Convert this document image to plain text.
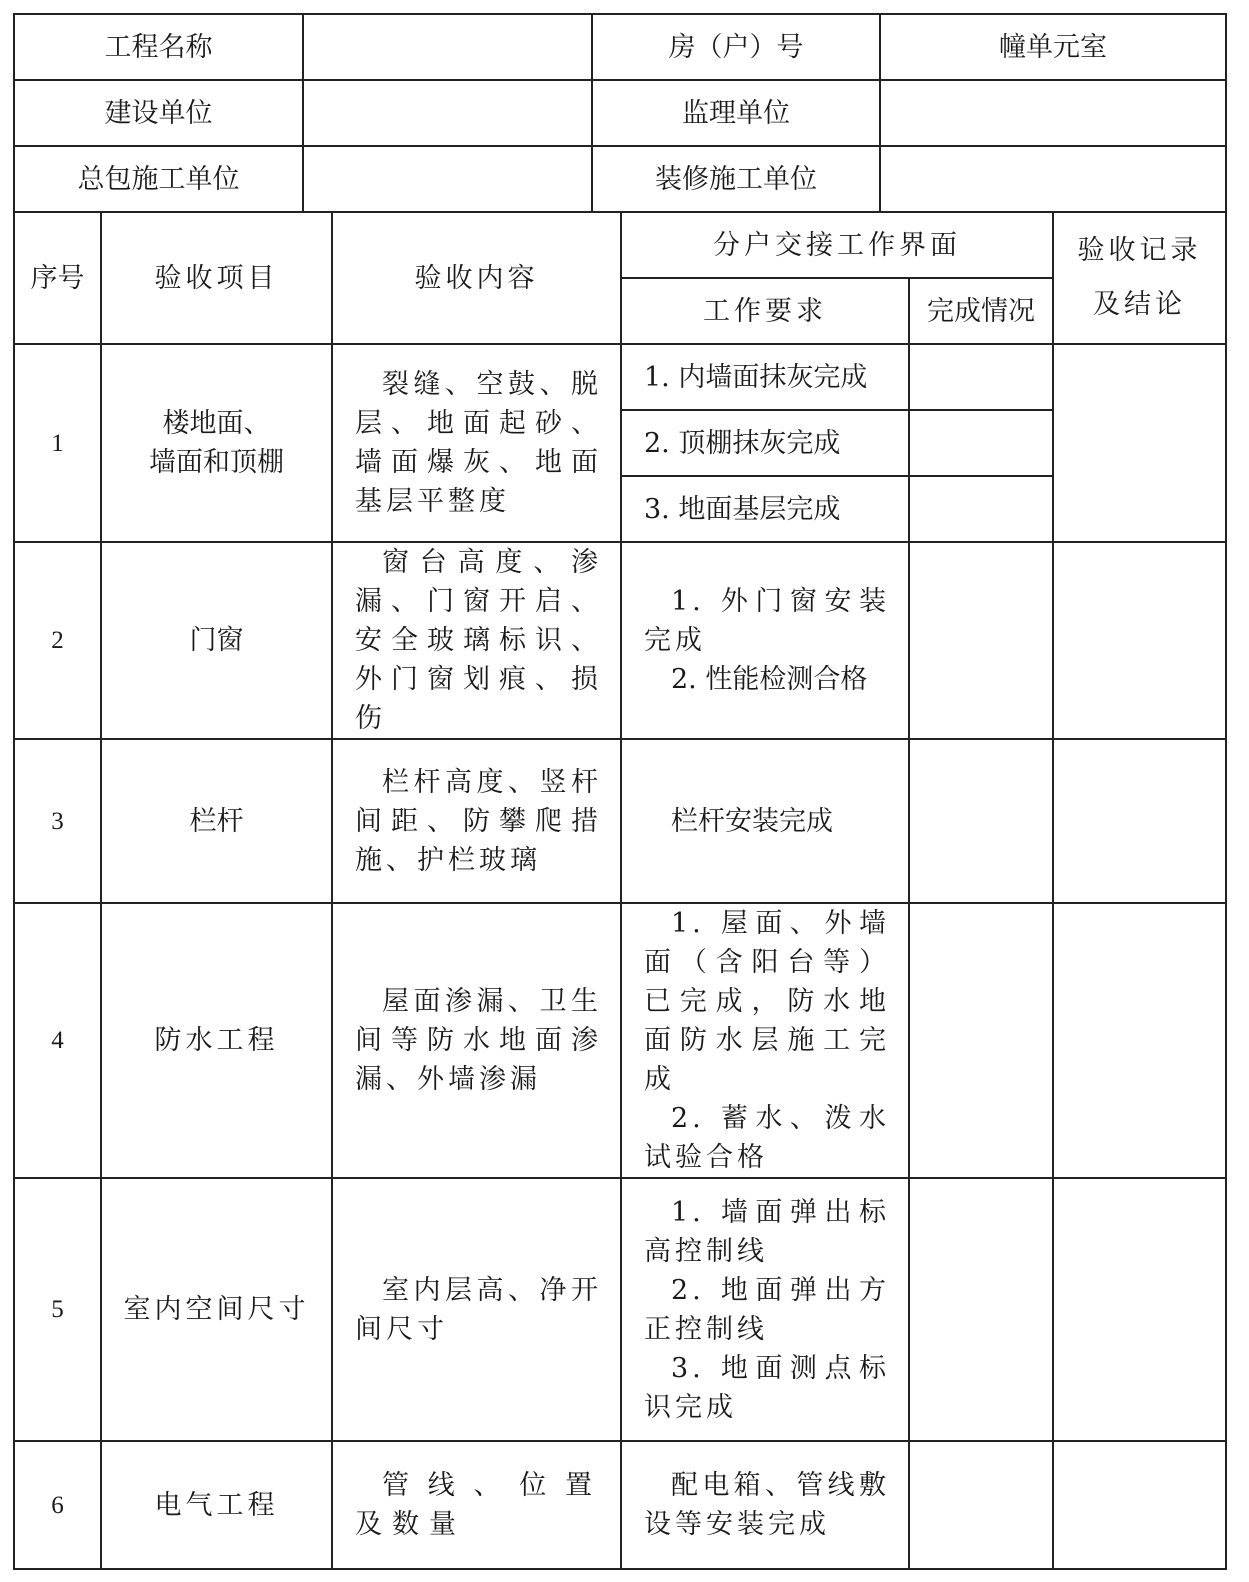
工程名称		房（户）号	幢单元室
建设单位		监理单位	
总包施工单位		装修施工单位	
序号	验收项目	验收内容	分户交接工作界面		验收记录
及结论

			工作要求	完成情况	
1	楼地面、
墙面和顶棚	裂缝、空鼓、脱层、地面起砂、墙面爆灰、地面基层平整度	1. 内墙面抹灰完成		
			2. 顶棚抹灰完成		
			3. 地面基层完成		
2	门窗	窗台高度、渗漏、门窗开启、安全玻璃标识、外门窗划痕、损伤	1. 外门窗安装完成
2. 性能检测合格		

3	栏杆	栏杆高度、竖杆间距、防攀爬措施、护栏玻璃	栏杆安装完成		

4	防水工程	屋面渗漏、卫生间等防水地面渗漏、外墙渗漏	1. 屋面、外墙面（含阳台等）已完成，防水地面防水层施工完成
2. 蓄水、泼水试验合格		

5	室内空间尺寸	室内层高、净开间尺寸	1. 墙面弹出标高控制线
2. 地面弹出方正控制线
3. 地面测点标识完成		

6	电气工程	管线、位置及数量	配电箱、管线敷设等安装完成		
